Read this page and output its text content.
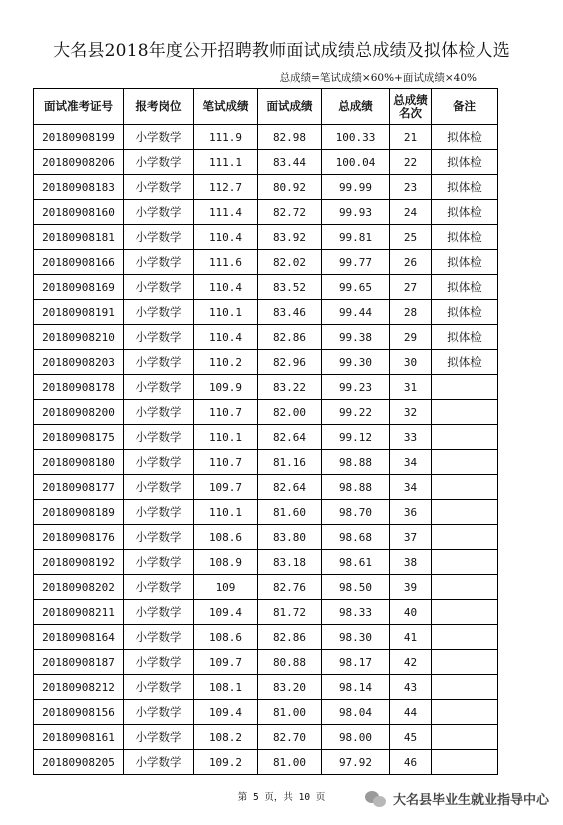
大名县2018年度公开招聘教师面试成绩总成绩及拟体检人选
总成绩=笔试成绩×60%+面试成绩×40%
面试准考证号	报考岗位	笔试成绩	面试成绩	总成绩	总成绩
名次	备注
20180908199	小学数学	111.9	82.98	100.33	21	拟体检
20180908206	小学数学	111.1	83.44	100.04	22	拟体检
20180908183	小学数学	112.7	80.92	99.99	23	拟体检
20180908160	小学数学	111.4	82.72	99.93	24	拟体检
20180908181	小学数学	110.4	83.92	99.81	25	拟体检
20180908166	小学数学	111.6	82.02	99.77	26	拟体检
20180908169	小学数学	110.4	83.52	99.65	27	拟体检
20180908191	小学数学	110.1	83.46	99.44	28	拟体检
20180908210	小学数学	110.4	82.86	99.38	29	拟体检
20180908203	小学数学	110.2	82.96	99.30	30	拟体检
20180908178	小学数学	109.9	83.22	99.23	31	
20180908200	小学数学	110.7	82.00	99.22	32	
20180908175	小学数学	110.1	82.64	99.12	33	
20180908180	小学数学	110.7	81.16	98.88	34	
20180908177	小学数学	109.7	82.64	98.88	34	
20180908189	小学数学	110.1	81.60	98.70	36	
20180908176	小学数学	108.6	83.80	98.68	37	
20180908192	小学数学	108.9	83.18	98.61	38	
20180908202	小学数学	109	82.76	98.50	39	
20180908211	小学数学	109.4	81.72	98.33	40	
20180908164	小学数学	108.6	82.86	98.30	41	
20180908187	小学数学	109.7	80.88	98.17	42	
20180908212	小学数学	108.1	83.20	98.14	43	
20180908156	小学数学	109.4	81.00	98.04	44	
20180908161	小学数学	108.2	82.70	98.00	45	
20180908205	小学数学	109.2	81.00	97.92	46	
第 5 页，共 10 页	大名县毕业生就业指导中心
